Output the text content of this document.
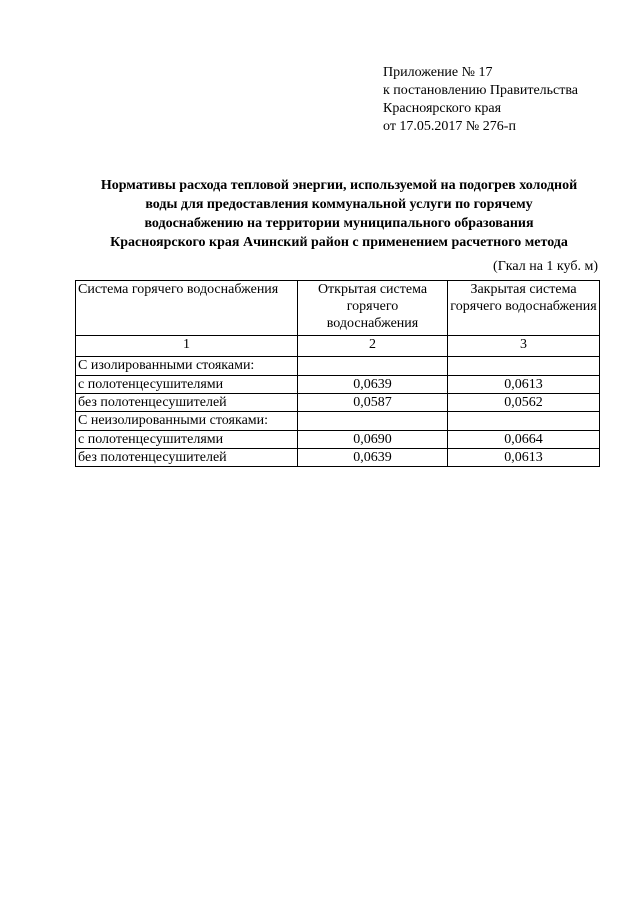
Приложение № 17
к постановлению Правительства
Красноярского края
от 17.05.2017 № 276-п
Нормативы расхода тепловой энергии, используемой на подогрев холодной
воды для предоставления коммунальной услуги по горячему
водоснабжению на территории муниципального образования
Красноярского края Ачинский район с применением расчетного метода
(Гкал на 1 куб. м)
Система горячего водоснабжения	Открытая система горячего водоснабжения	Закрытая система горячего водоснабжения
1	2	3
С изолированными стояками:		
с полотенцесушителями	0,0639	0,0613
без полотенцесушителей	0,0587	0,0562
С неизолированными стояками:		
с полотенцесушителями	0,0690	0,0664
без полотенцесушителей	0,0639	0,0613
